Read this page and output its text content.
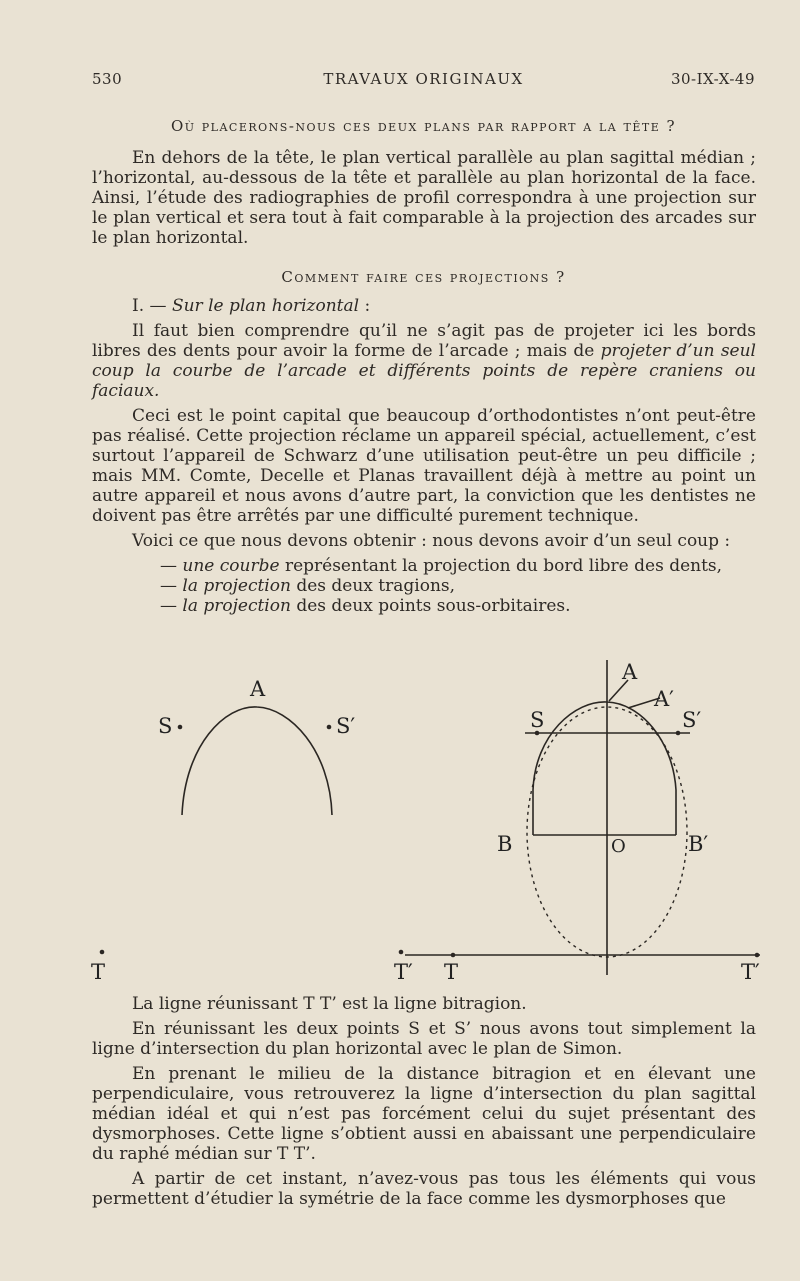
530	TRAVAUX ORIGINAUX	30-IX-X-49
Où placerons-nous ces deux plans par rapport a la tête ?

En dehors de la tête, le plan vertical parallèle au plan sagittal médian ; l’horizontal, au-dessous de la tête et parallèle au plan horizontal de la face. Ainsi, l’étude des radiographies de profil correspondra à une projection sur le plan vertical et sera tout à fait comparable à la projection des arcades sur le plan horizontal.

Comment faire ces projections ?

I. — Sur le plan horizontal :

Il faut bien comprendre qu’il ne s’agit pas de projeter ici les bords libres des dents pour avoir la forme de l’arcade ; mais de projeter d’un seul coup la courbe de l’arcade et différents points de repère craniens ou faciaux.

Ceci est le point capital que beaucoup d’orthodontistes n’ont peut-être pas réalisé. Cette projection réclame un appareil spécial, actuellement, c’est surtout l’appareil de Schwarz d’une utilisation peut-être un peu difficile ; mais MM. Comte, Decelle et Planas travaillent déjà à mettre au point un autre appareil et nous avons d’autre part, la conviction que les dentistes ne doivent pas être arrêtés par une difficulté purement technique.

Voici ce que nous devons obtenir : nous devons avoir d’un seul coup :

— une courbe représentant la projection du bord libre des dents,
— la projection des deux tragions,
— la projection des deux points sous-orbitaires.
A
S	S′
T	T′
A
A′
S	S′
B	O	B′
T	T′

La ligne réunissant T T’ est la ligne bitragion.

En réunissant les deux points S et S’ nous avons tout simplement la ligne d’intersection du plan horizontal avec le plan de Simon.

En prenant le milieu de la distance bitragion et en élevant une perpendiculaire, vous retrouverez la ligne d’intersection du plan sagittal médian idéal et qui n’est pas forcément celui du sujet présentant des dysmorphoses. Cette ligne s’obtient aussi en abaissant une perpendiculaire du raphé médian sur T T’.

A partir de cet instant, n’avez-vous pas tous les éléments qui vous permettent d’étudier la symétrie de la face comme les dysmorphoses que
